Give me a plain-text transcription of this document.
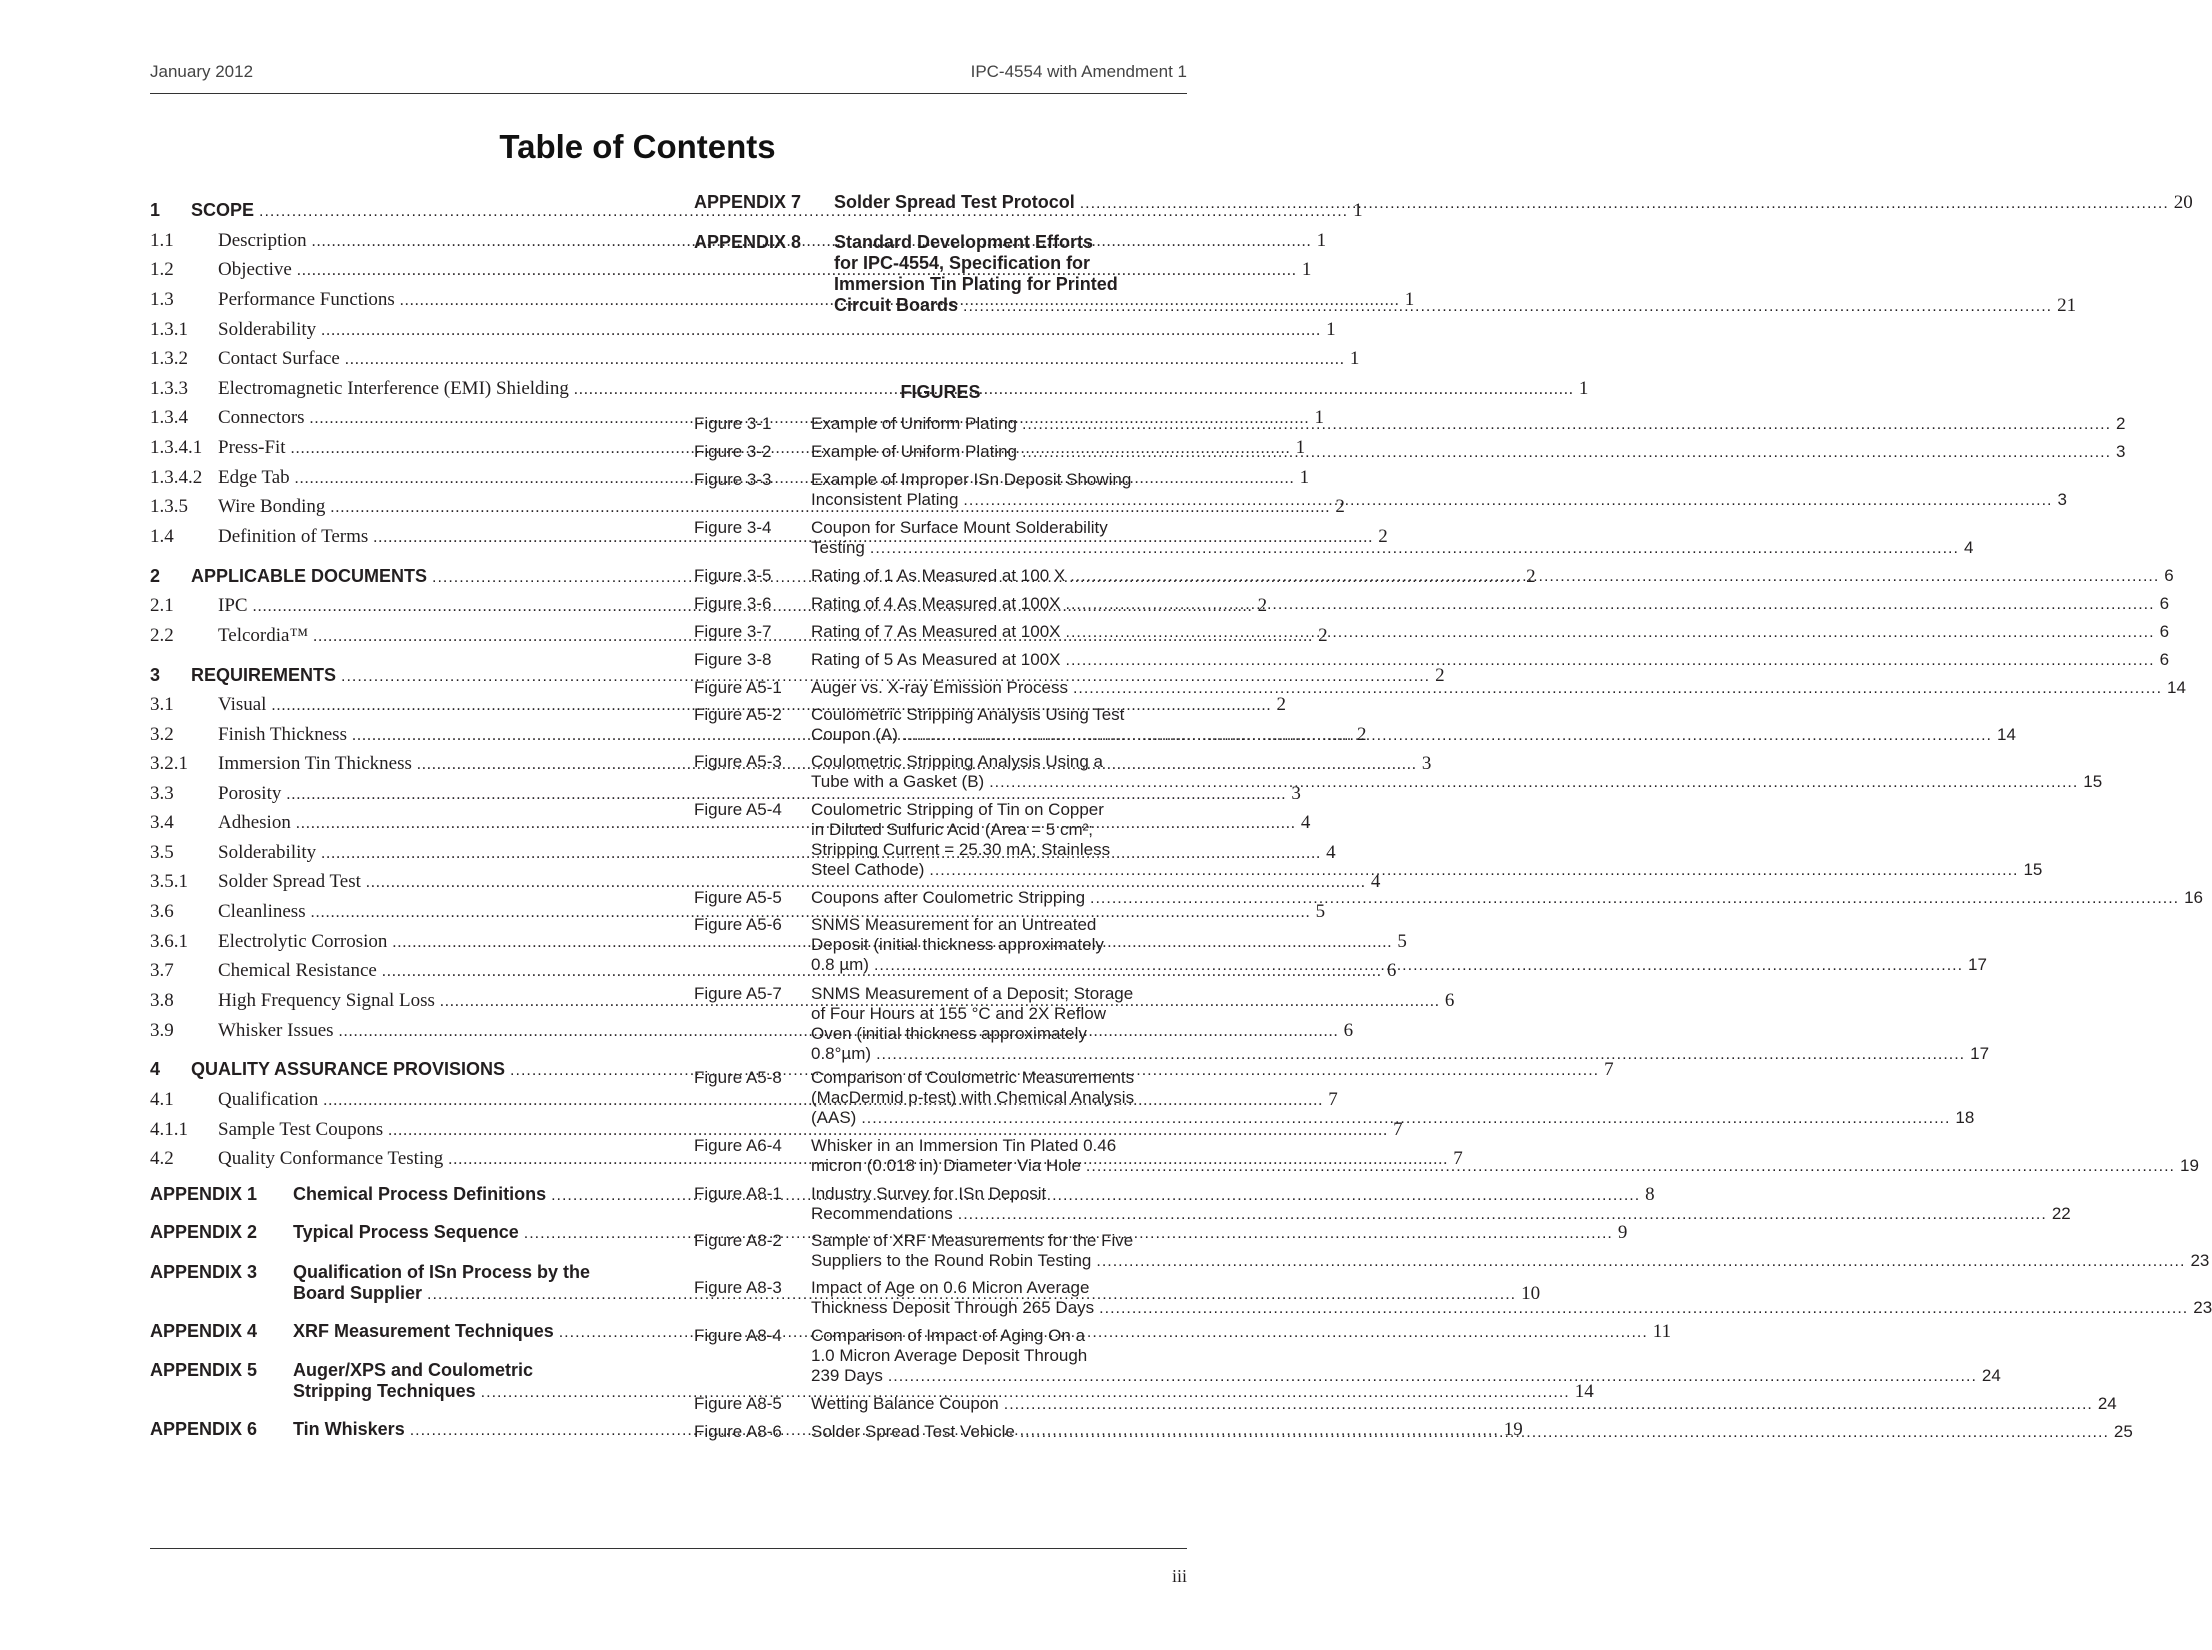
January 2012	IPC-4554 with Amendment 1
Table of Contents
1	SCOPE .....	1
1.1	Description .....	1
1.2	Objective .....	1
1.3	Performance Functions .....	1
1.3.1	Solderability .....	1
1.3.2	Contact Surface .....	1
1.3.3	Electromagnetic Interference (EMI) Shielding .....	1
1.3.4	Connectors .....	1
1.3.4.1 Press-Fit .....	1
1.3.4.2 Edge Tab .....	1
1.3.5	Wire Bonding .....	2
1.4	Definition of Terms .....	2
2	APPLICABLE DOCUMENTS .....	2
2.1	IPC .....	2
2.2	Telcordia™ .....	2
3	REQUIREMENTS .....	2
3.1	Visual .....	2
3.2	Finish Thickness .....	2
3.2.1	Immersion Tin Thickness .....	3
3.3	Porosity .....	3
3.4	Adhesion .....	4
3.5	Solderability .....	4
3.5.1	Solder Spread Test .....	4
3.6	Cleanliness .....	5
3.6.1	Electrolytic Corrosion .....	5
3.7	Chemical Resistance .....	6
3.8	High Frequency Signal Loss .....	6
3.9	Whisker Issues .....	6
4	QUALITY ASSURANCE PROVISIONS .....	7
4.1	Qualification .....	7
4.1.1	Sample Test Coupons .....	7
4.2	Quality Conformance Testing .....	7
APPENDIX 1	Chemical Process Definitions .....	8
APPENDIX 2	Typical Process Sequence .....	9
APPENDIX 3	Qualification of ISn Process by the
Board Supplier .....	10
APPENDIX 4	XRF Measurement Techniques .....	11
APPENDIX 5	Auger/XPS and Coulometric
Stripping Techniques .....	14
APPENDIX 6	Tin Whiskers .....	19
APPENDIX 7	Solder Spread Test Protocol .....	20
APPENDIX 8	Standard Development Efforts
for IPC-4554, Specification for
Immersion Tin Plating for Printed
Circuit Boards .....	21
FIGURES
Figure 3-1	Example of Uniform Plating .....	2
Figure 3-2	Example of Uniform Plating .....	3
Figure 3-3	Example of Improper ISn Deposit Showing
Inconsistent Plating .....	3
Figure 3-4	Coupon for Surface Mount Solderability
Testing .....	4
Figure 3-5	Rating of 1 As Measured at 100 X .....	6
Figure 3-6	Rating of 4 As Measured at 100X .....	6
Figure 3-7	Rating of 7 As Measured at 100X .....	6
Figure 3-8	Rating of 5 As Measured at 100X .....	6
Figure A5-1	Auger vs. X-ray Emission Process .....	14
Figure A5-2	Coulometric Stripping Analysis Using Test
Coupon (A) .....	14
Figure A5-3	Coulometric Stripping Analysis Using a
Tube with a Gasket (B) .....	15
Figure A5-4	Coulometric Stripping of Tin on Copper
in Diluted Sulfuric Acid (Area = 5 cm²;
Stripping Current = 25.30 mA; Stainless
Steel Cathode) .....	15
Figure A5-5	Coupons after Coulometric Stripping .....	16
Figure A5-6	SNMS Measurement for an Untreated
Deposit (initial thickness approximately
0.8 µm) .....	17
Figure A5-7	SNMS Measurement of a Deposit; Storage
of Four Hours at 155 °C and 2X Reflow
Oven (initial thickness approximately
0.8°µm) .....	17
Figure A5-8	Comparison of Coulometric Measurements
(MacDermid p-test) with Chemical Analysis
(AAS) .....	18
Figure A6-4	Whisker in an Immersion Tin Plated 0.46
micron (0.018 in) Diameter Via Hole .....	19
Figure A8-1	Industry Survey for ISn Deposit
Recommendations .....	22
Figure A8-2	Sample of XRF Measurements for the Five
Suppliers to the Round Robin Testing .....	23
Figure A8-3	Impact of Age on 0.6 Micron Average
Thickness Deposit Through 265 Days .....	23
Figure A8-4	Comparison of Impact of Aging On a
1.0 Micron Average Deposit Through
239 Days .....	24
Figure A8-5	Wetting Balance Coupon .....	24
Figure A8-6	Solder Spread Test Vehicle .....	25
iii
